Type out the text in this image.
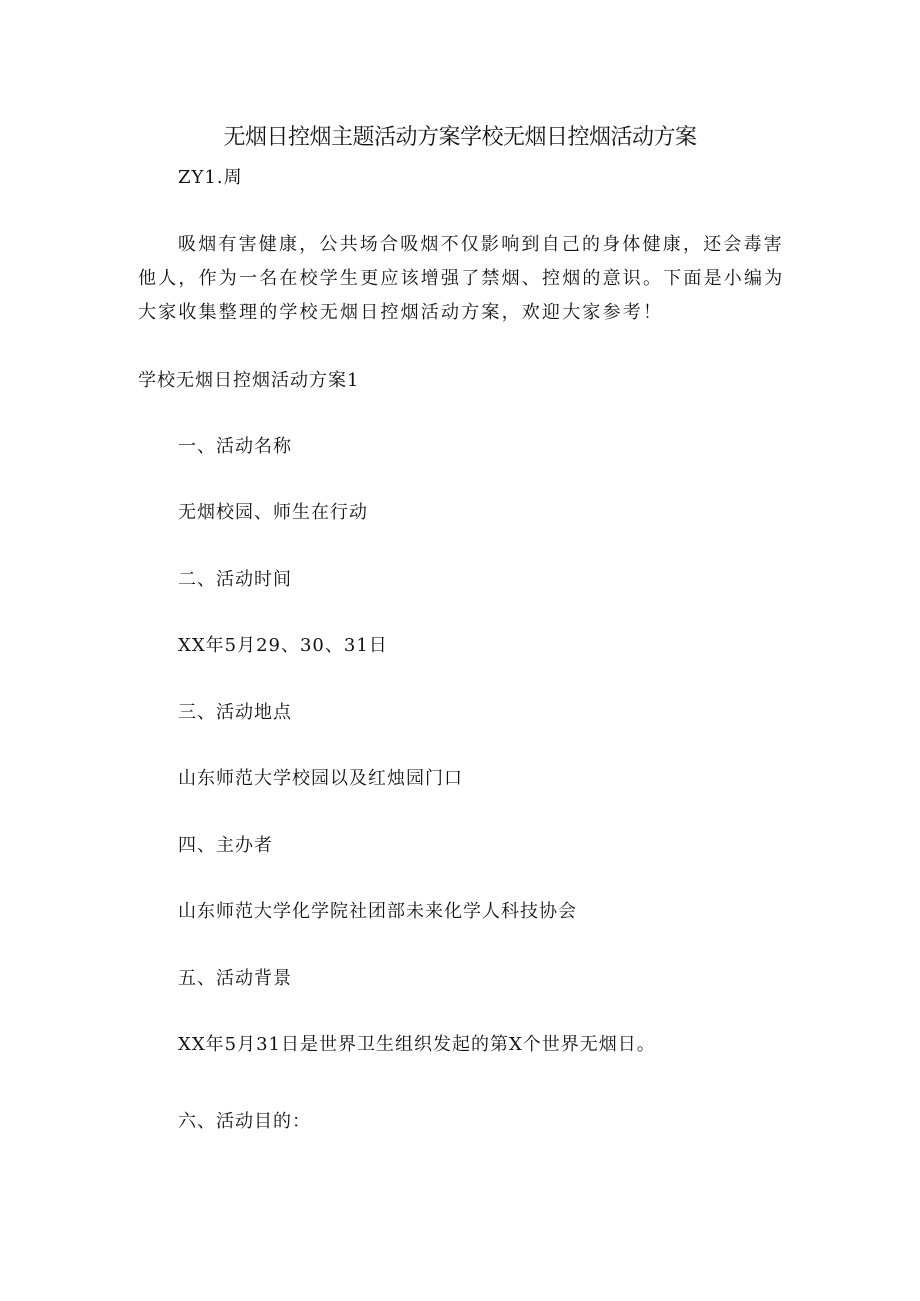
无烟日控烟主题活动方案学校无烟日控烟活动方案
ZY1.周
吸烟有害健康，公共场合吸烟不仅影响到自己的身体健康，还会毒害他人，作为一名在校学生更应该增强了禁烟、控烟的意识。下面是小编为大家收集整理的学校无烟日控烟活动方案，欢迎大家参考！
学校无烟日控烟活动方案1
一、活动名称
无烟校园、师生在行动
二、活动时间
XX年5月29、30、31日
三、活动地点
山东师范大学校园以及红烛园门口
四、主办者
山东师范大学化学院社团部未来化学人科技协会
五、活动背景
XX年5月31日是世界卫生组织发起的第X个世界无烟日。
六、活动目的：
